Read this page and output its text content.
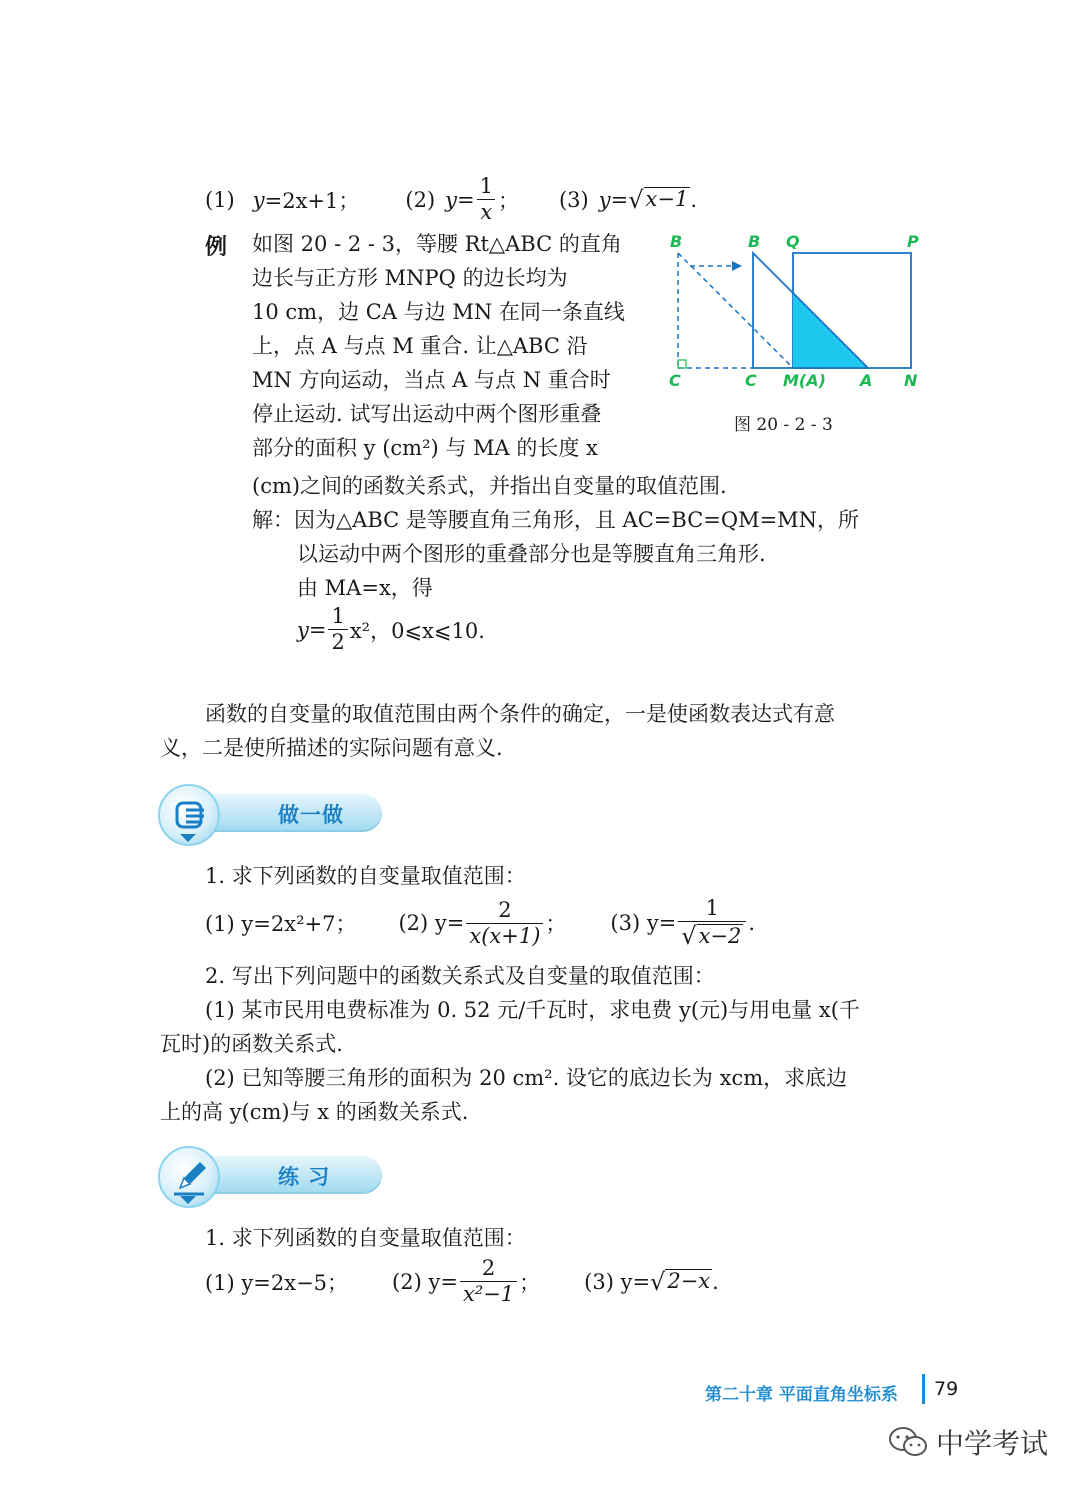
(1) y =2x+1； (2) $y= \frac{1}{x}$ ； (3) y= √ x−1 .
例 如图 20 - 2 - 3，等腰 Rt△ABC 的直角
边长与正方形 MNPQ 的边长均为
10 cm，边 CA 与边 MN 在同一条直线
上，点 A 与点 M 重合. 让△ABC 沿
MN 方向运动，当点 A 与点 N 重合时
停止运动. 试写出运动中两个图形重叠
部分的面积 y (cm²) 与 MA 的长度 x
B	B Q	P
C	C M(A) A N
图 20 - 2 - 3
(cm)之间的函数关系式，并指出自变量的取值范围.
解：因为△ABC 是等腰直角三角形，且 AC=BC=QM=MN，所
以运动中两个图形的重叠部分也是等腰直角三角形.
由 MA=x，得
$y= \frac{1}{2} x^2$，0⩽x⩽10.
函数的自变量的取值范围由两个条件的确定，一是使函数表达式有意
义，二是使所描述的实际问题有意义.
做一做
1. 求下列函数的自变量取值范围：
(1) y=2x²+7； (2) $y= \frac{2}{x(x+1)}$ ； (3) $y= \frac{1}{√ x-2}$ .
2. 写出下列问题中的函数关系式及自变量的取值范围：
(1) 某市民用电费标准为 0. 52 元/千瓦时，求电费 y(元)与用电量 x(千
瓦时)的函数关系式.
(2) 已知等腰三角形的面积为 20 cm². 设它的底边长为 xcm，求底边
上的高 y(cm)与 x 的函数关系式.
练 习
1. 求下列函数的自变量取值范围：
(1) y=2x−5； (2) $y= \frac{2}{\text{x²−1}}$ ； (3) y= √ 2−x .
第二十章 平面直角坐标系 79
中学考试
